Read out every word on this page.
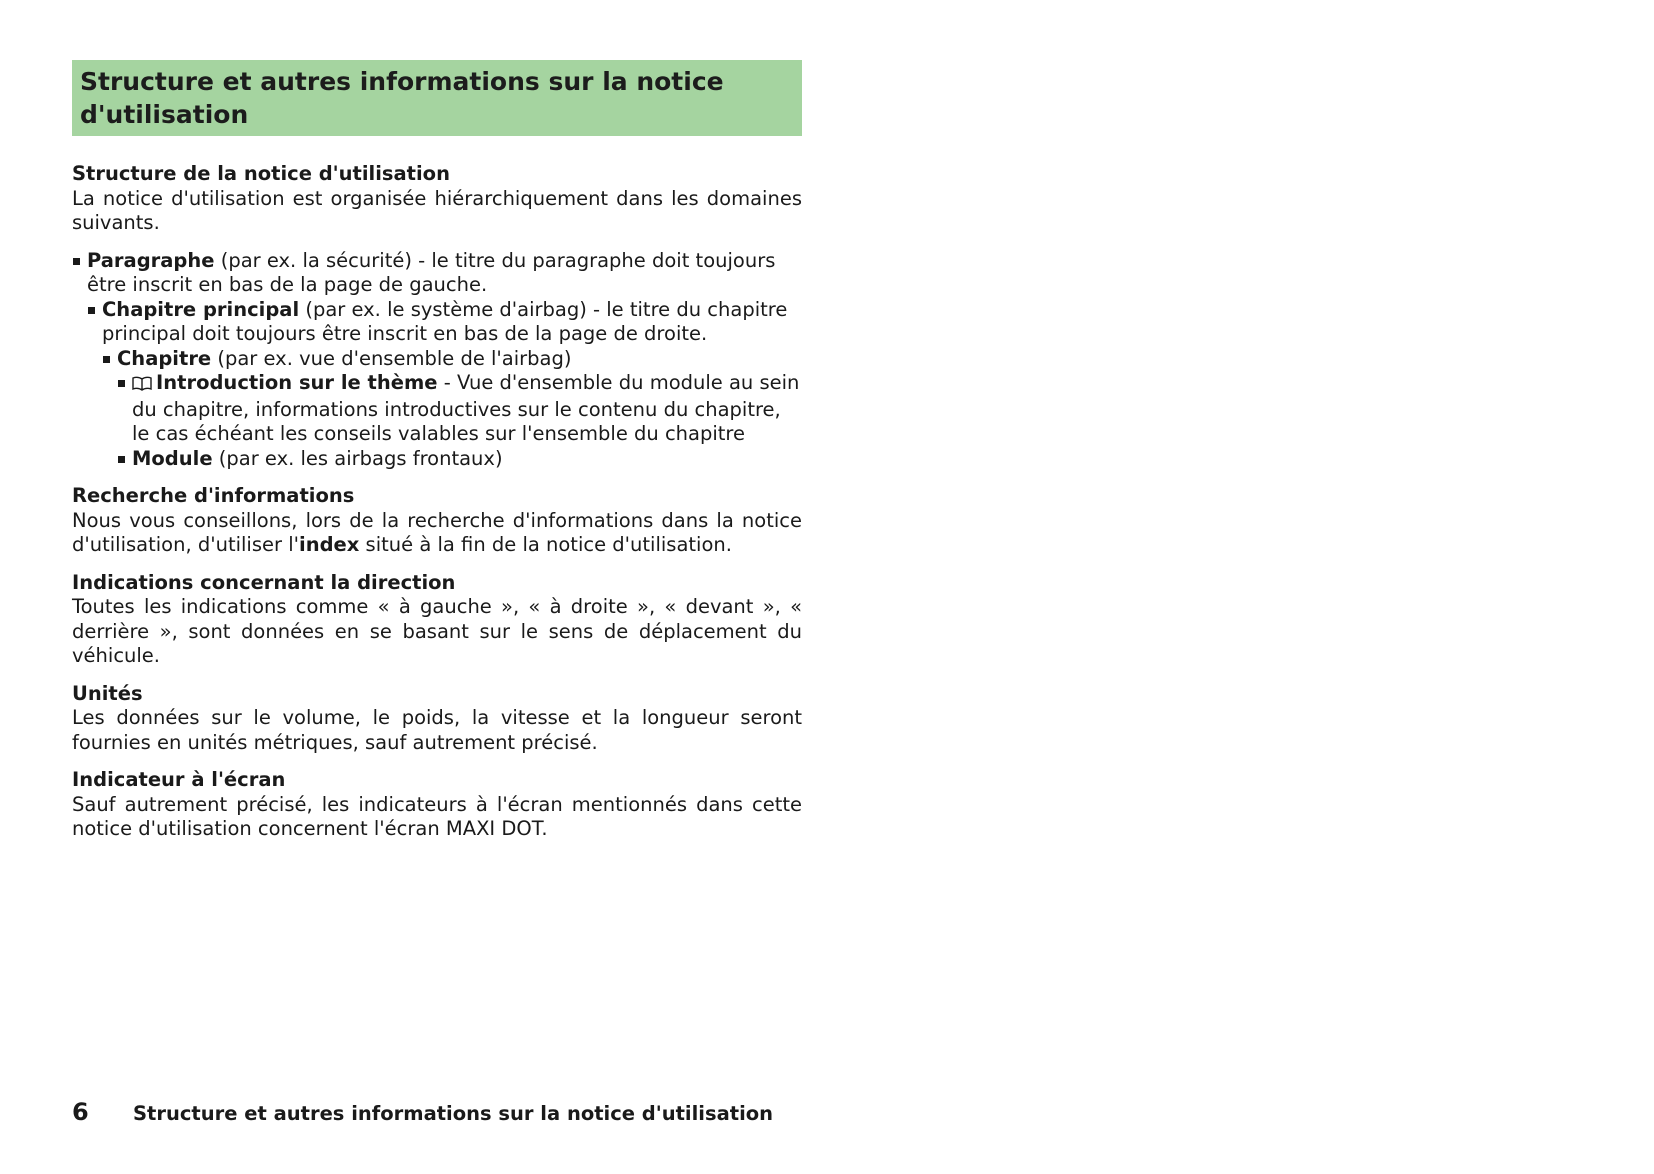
Structure et autres informations sur la notice d'utilisation
Structure de la notice d'utilisation
La notice d'utilisation est organisée hiérarchiquement dans les domaines suivants.
Paragraphe (par ex. la sécurité) - le titre du paragraphe doit toujours être inscrit en bas de la page de gauche.
Chapitre principal (par ex. le système d'airbag) - le titre du chapitre principal doit toujours être inscrit en bas de la page de droite.
Chapitre (par ex. vue d'ensemble de l'airbag)
Introduction sur le thème - Vue d'ensemble du module au sein du chapitre, informations introductives sur le contenu du chapitre, le cas échéant les conseils valables sur l'ensemble du chapitre
Module (par ex. les airbags frontaux)
Recherche d'informations
Nous vous conseillons, lors de la recherche d'informations dans la notice d'utilisation, d'utiliser l'index situé à la fin de la notice d'utilisation.
Indications concernant la direction
Toutes les indications comme « à gauche », « à droite », « devant », « derrière », sont données en se basant sur le sens de déplacement du véhicule.
Unités
Les données sur le volume, le poids, la vitesse et la longueur seront fournies en unités métriques, sauf autrement précisé.
Indicateur à l'écran
Sauf autrement précisé, les indicateurs à l'écran mentionnés dans cette notice d'utilisation concernent l'écran MAXI DOT.
6	Structure et autres informations sur la notice d'utilisation
